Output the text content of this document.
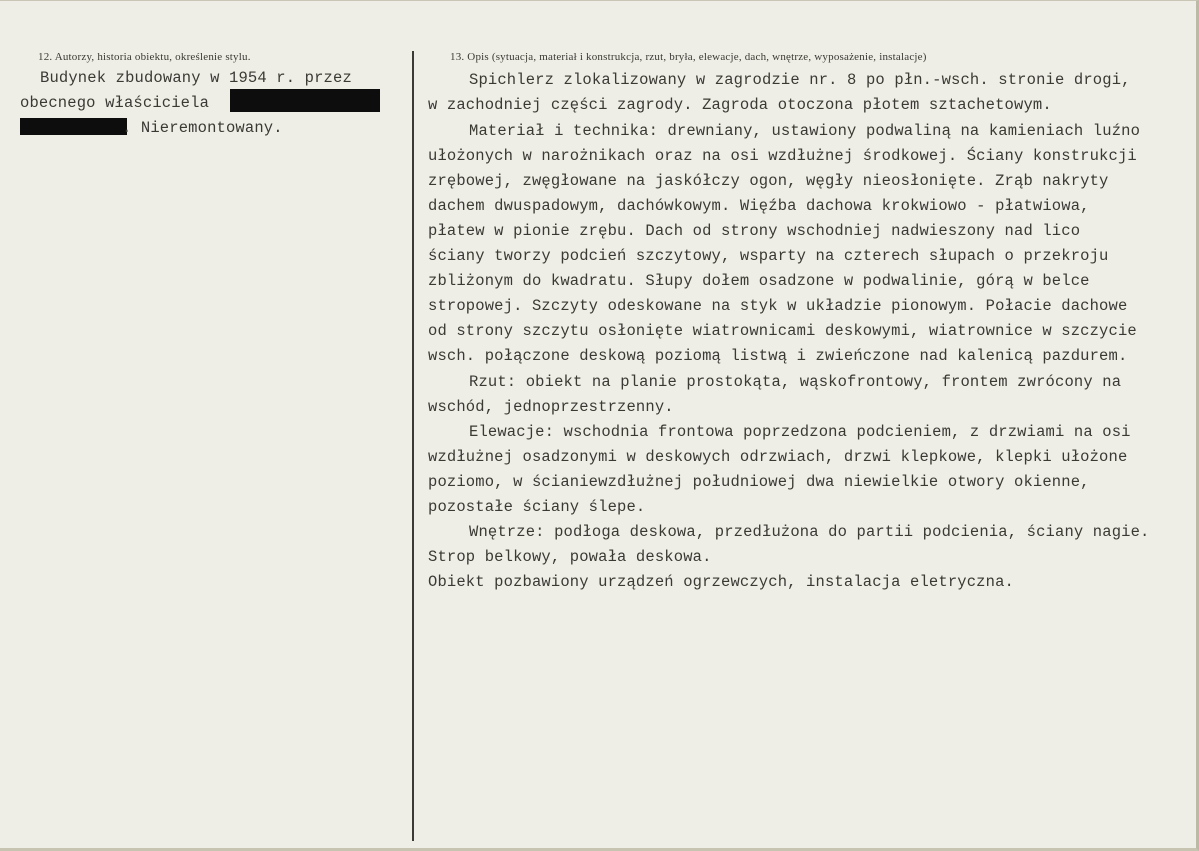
12. Autorzy, historia obiektu, określenie stylu.	13. Opis (sytuacja, materiał i konstrukcja, rzut, bryła, elewacje, dach, wnętrze, wyposażenie, instalacje)
Budynek zbudowany w 1954 r. przez
obecnego właściciela
. Nieremontowany.
Spichlerz zlokalizowany w zagrodzie nr. 8 po płn.-wsch. stronie drogi,
w zachodniej części zagrody. Zagroda otoczona płotem sztachetowym.
Materiał i technika: drewniany, ustawiony podwaliną na kamieniach luźno
ułożonych w narożnikach oraz na osi wzdłużnej środkowej. Ściany konstrukcji
zrębowej, zwęgłowane na jaskółczy ogon, węgły nieosłonięte. Zrąb nakryty
dachem dwuspadowym, dachówkowym. Więźba dachowa krokwiowo - płatwiowa,
płatew w pionie zrębu. Dach od strony wschodniej nadwieszony nad lico
ściany tworzy podcień szczytowy, wsparty na czterech słupach o przekroju
zbliżonym do kwadratu. Słupy dołem osadzone w podwalinie, górą w belce
stropowej. Szczyty odeskowane na styk w układzie pionowym. Połacie dachowe
od strony szczytu osłonięte wiatrownicami deskowymi, wiatrownice w szczycie
wsch. połączone deskową poziomą listwą i zwieńczone nad kalenicą pazdurem.
Rzut: obiekt na planie prostokąta, wąskofrontowy, frontem zwrócony na
wschód, jednoprzestrzenny.
Elewacje: wschodnia frontowa poprzedzona podcieniem, z drzwiami na osi
wzdłużnej osadzonymi w deskowych odrzwiach, drzwi klepkowe, klepki ułożone
poziomo, w ścianiewzdłużnej południowej dwa niewielkie otwory okienne,
pozostałe ściany ślepe.
Wnętrze: podłoga deskowa, przedłużona do partii podcienia, ściany nagie.
Strop belkowy, powała deskowa.
Obiekt pozbawiony urządzeń ogrzewczych, instalacja eletryczna.
